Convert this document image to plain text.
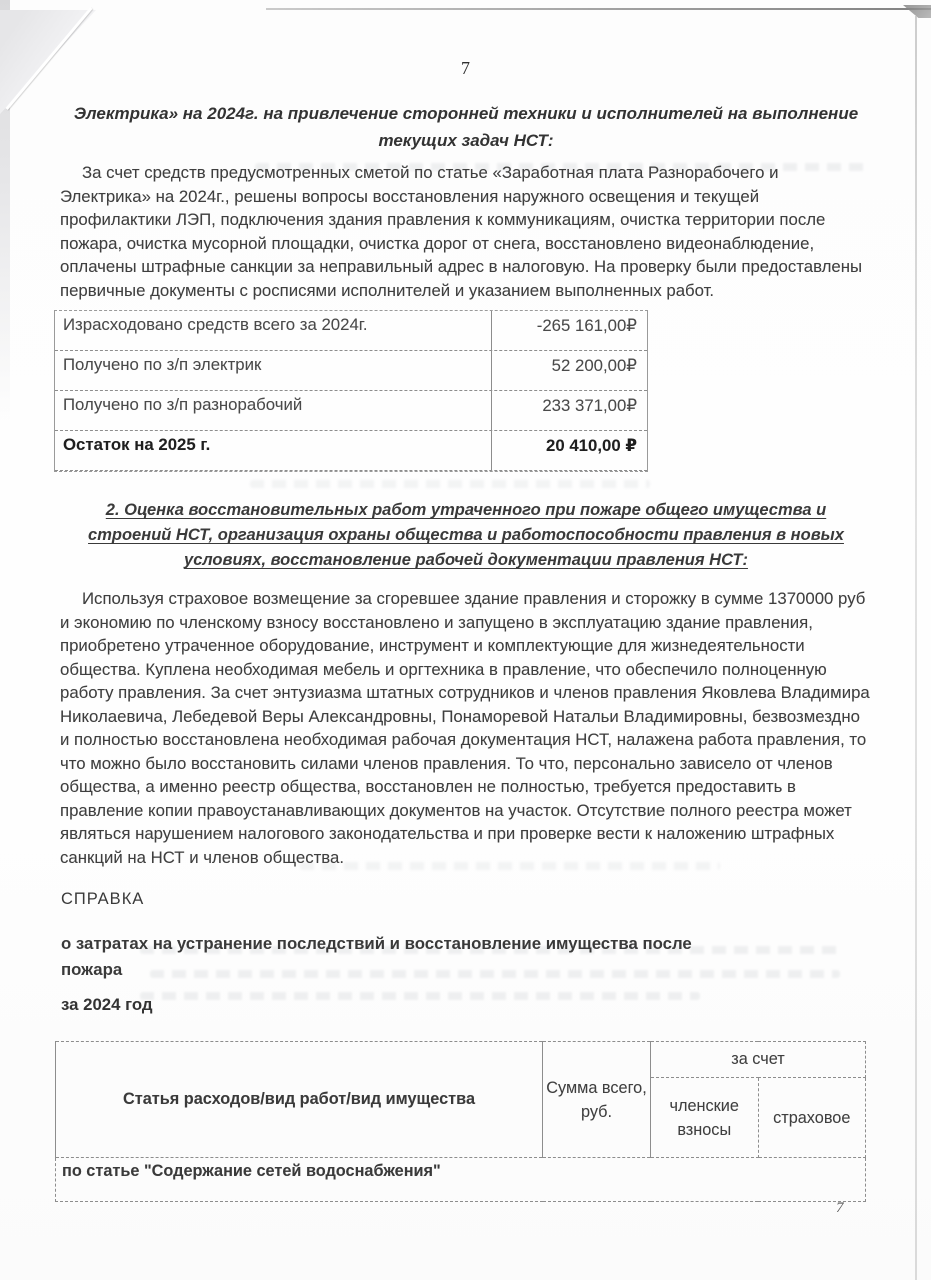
7
Электрика» на 2024г. на привлечение сторонней техники и исполнителей на выполнение текущих задач НСТ:
За счет средств предусмотренных сметой по статье «Заработная плата Разнорабочего и Электрика» на 2024г., решены вопросы восстановления наружного освещения и текущей профилактики ЛЭП, подключения здания правления к коммуникациям, очистка территории после пожара, очистка мусорной площадки, очистка дорог от снега, восстановлено видеонаблюдение, оплачены штрафные санкции за неправильный адрес в налоговую. На проверку были предоставлены первичные документы с росписями исполнителей и указанием выполненных работ.
Израсходовано средств всего за 2024г.	-265 161,00₽
Получено по з/п электрик	52 200,00₽
Получено по з/п разнорабочий	233 371,00₽
Остаток на 2025 г.	20 410,00 ₽
2. Оценка восстановительных работ утраченного при пожаре общего имущества и строений НСТ, организация охраны общества и работоспособности правления в новых условиях, восстановление рабочей документации правления НСТ:
Используя страховое возмещение за сгоревшее здание правления и сторожку в сумме 1370000 руб и экономию по членскому взносу восстановлено и запущено в эксплуатацию здание правления, приобретено утраченное оборудование, инструмент и комплектующие для жизнедеятельности общества. Куплена необходимая мебель и оргтехника в правление, что обеспечило полноценную работу правления. За счет энтузиазма штатных сотрудников и членов правления Яковлева Владимира Николаевича, Лебедевой Веры Александровны, Понаморевой Натальи Владимировны, безвозмездно и полностью восстановлена необходимая рабочая документация НСТ, налажена работа правления, то что можно было восстановить силами членов правления. То что, персонально зависело от членов общества, а именно реестр общества, восстановлен не полностью, требуется предоставить в правление копии правоустанавливающих документов на участок. Отсутствие полного реестра может являться нарушением налогового законодательства и при проверке вести к наложению штрафных санкций на НСТ и членов общества.
СПРАВКА
о затратах на устранение последствий и восстановление имущества после пожара
за 2024 год
Статья расходов/вид работ/вид имущества	Сумма всего, руб.	за счет	
		членские взносы	страховое
по статье "Содержание сетей водоснабжения"			
7
